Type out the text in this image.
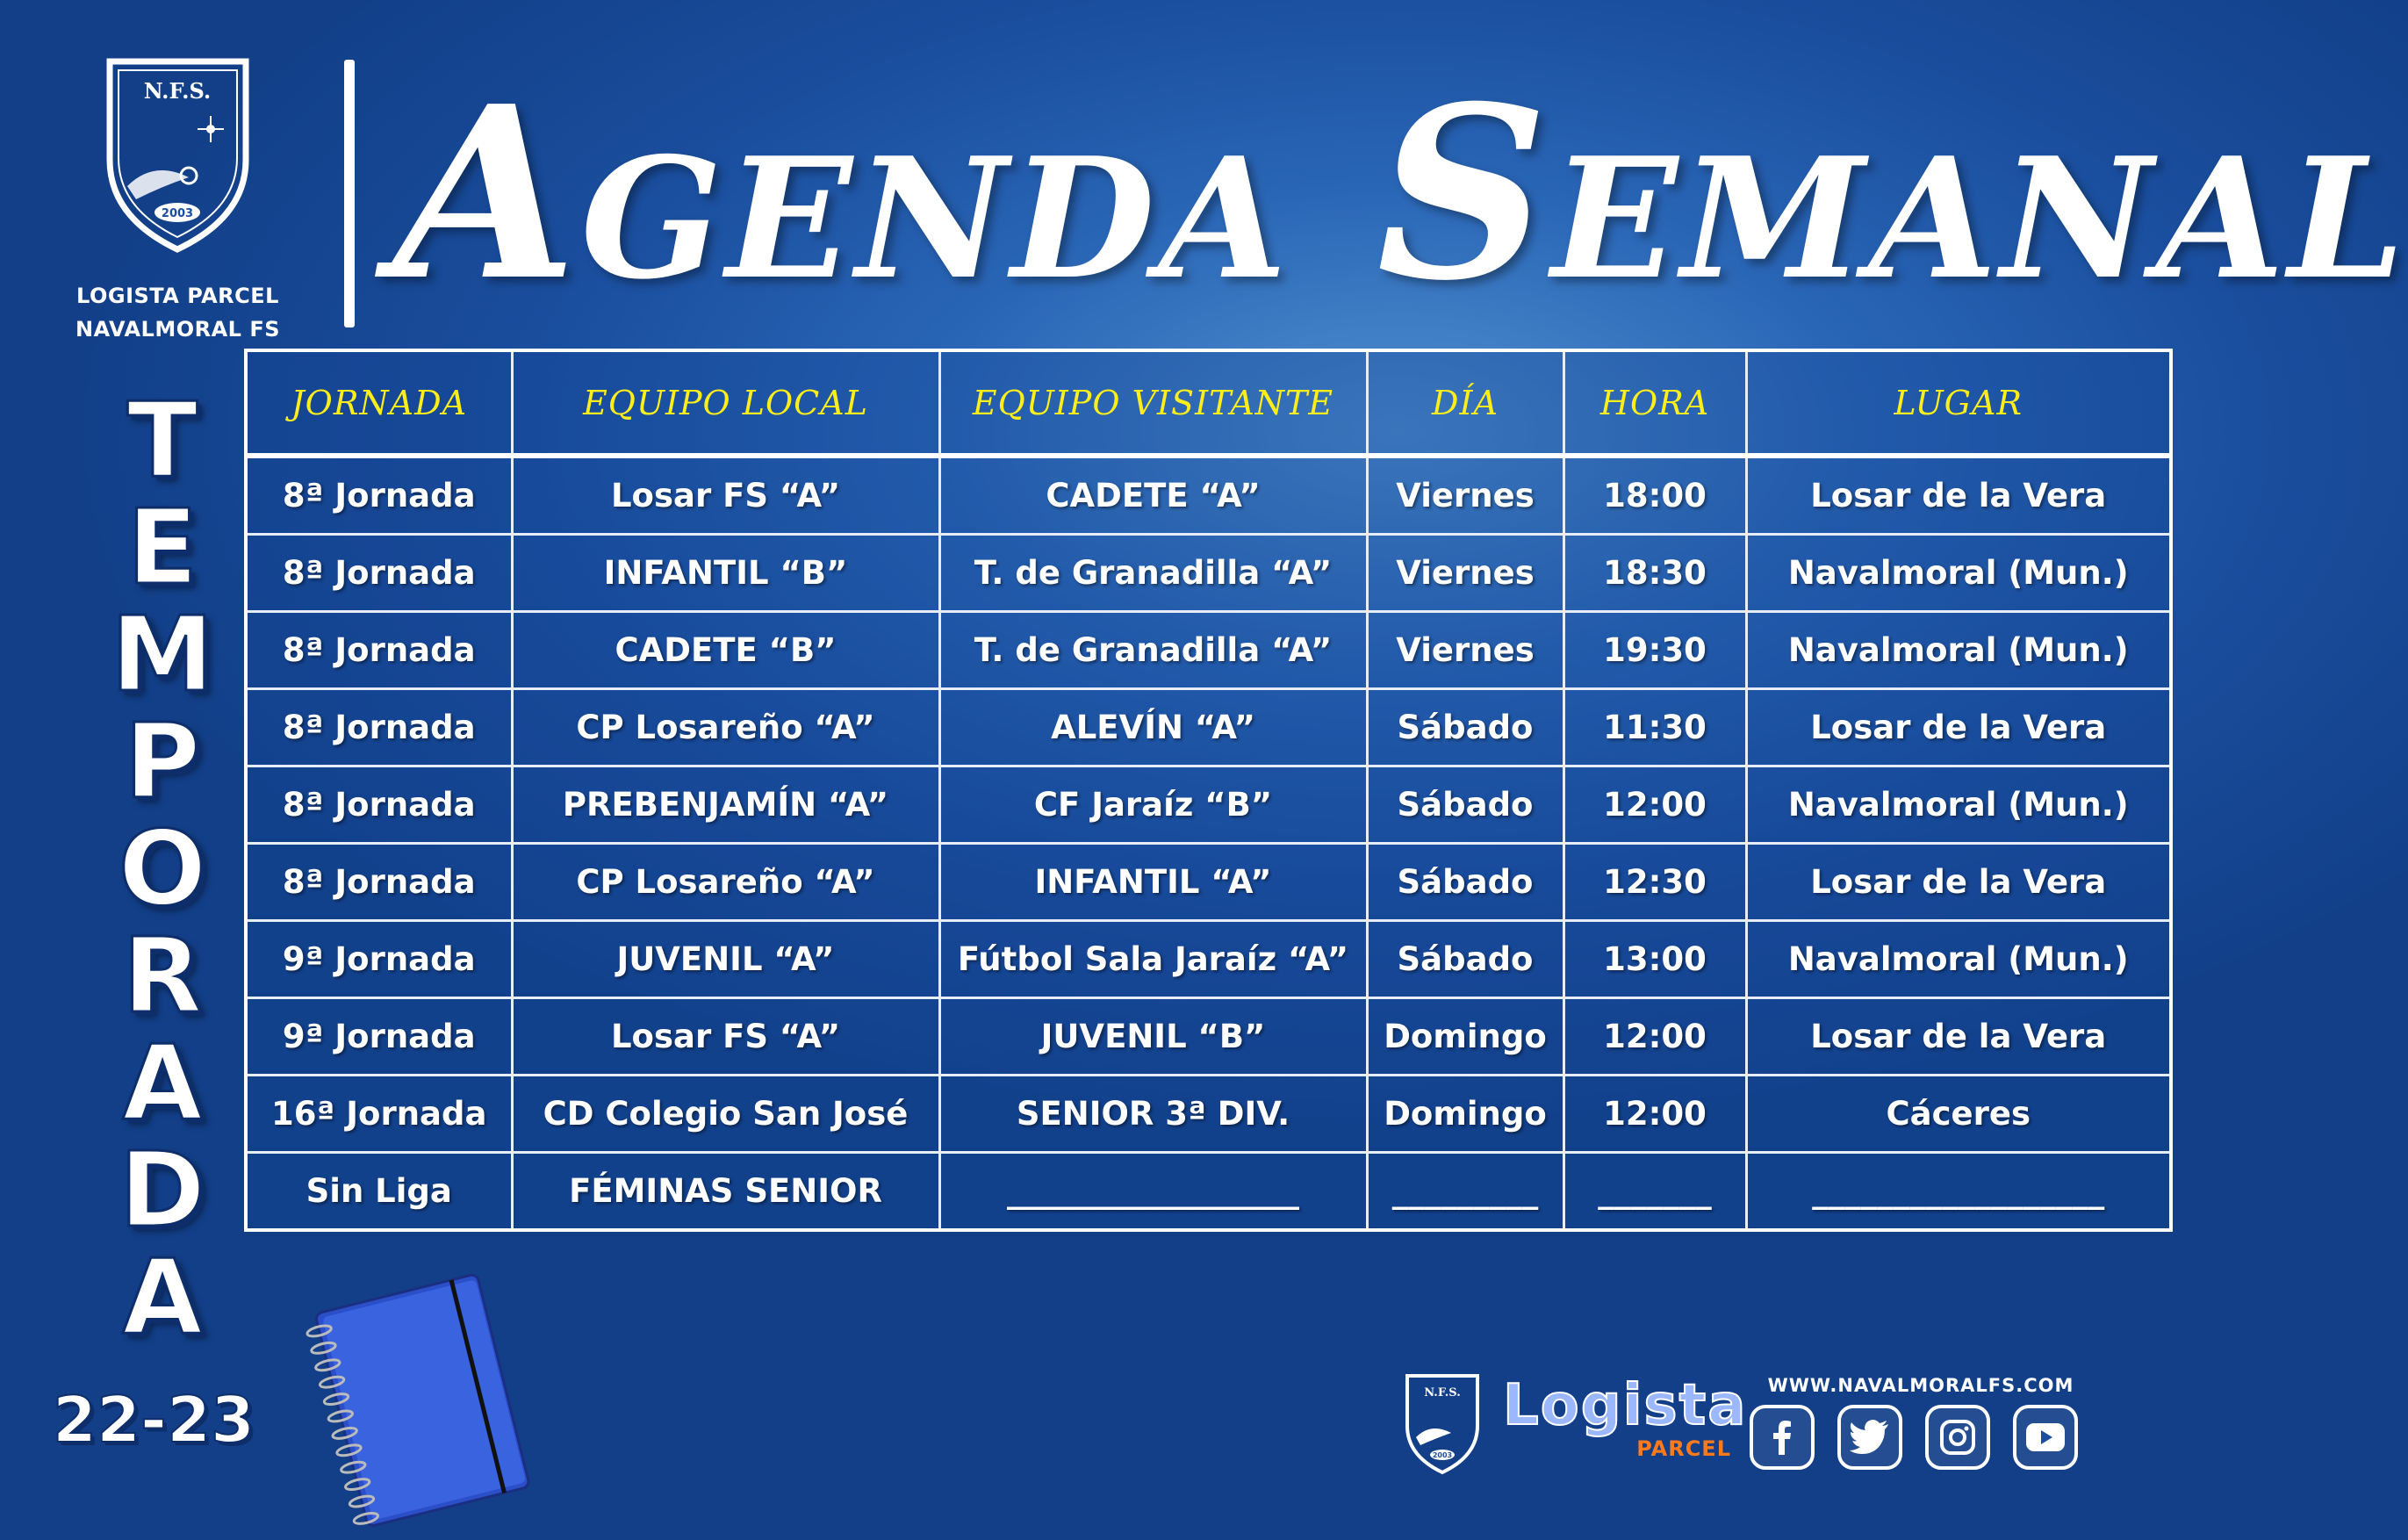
N.F.S.
2003
LOGISTA PARCEL
NAVALMORAL FS Agenda Semanal
T
E
M
P
O
R
A
D
A
22-23
JORNADA	EQUIPO LOCAL	EQUIPO VISITANTE	DÍA	HORA	LUGAR
8ª Jornada	Losar FS “A”	CADETE “A”	Viernes	18:00	Losar de la Vera
8ª Jornada	INFANTIL “B”	T. de Granadilla “A”	Viernes	18:30	Navalmoral (Mun.)
8ª Jornada	CADETE “B”	T. de Granadilla “A”	Viernes	19:30	Navalmoral (Mun.)
8ª Jornada	CP Losareño “A”	ALEVÍN “A”	Sábado	11:30	Losar de la Vera
8ª Jornada	PREBENJAMÍN “A”	CF Jaraíz “B”	Sábado	12:00	Navalmoral (Mun.)
8ª Jornada	CP Losareño “A”	INFANTIL “A”	Sábado	12:30	Losar de la Vera
9ª Jornada	JUVENIL “A”	Fútbol Sala Jaraíz “A”	Sábado	13:00	Navalmoral (Mun.)
9ª Jornada	Losar FS “A”	JUVENIL “B”	Domingo	12:00	Losar de la Vera
16ª Jornada	CD Colegio San José	SENIOR 3ª DIV.	Domingo	12:00	Cáceres
Sin Liga	FÉMINAS SENIOR	__________________	_________	_______	__________________
N.F.S.
2003
Logista
PARCEL
WWW.NAVALMORALFS.COM
